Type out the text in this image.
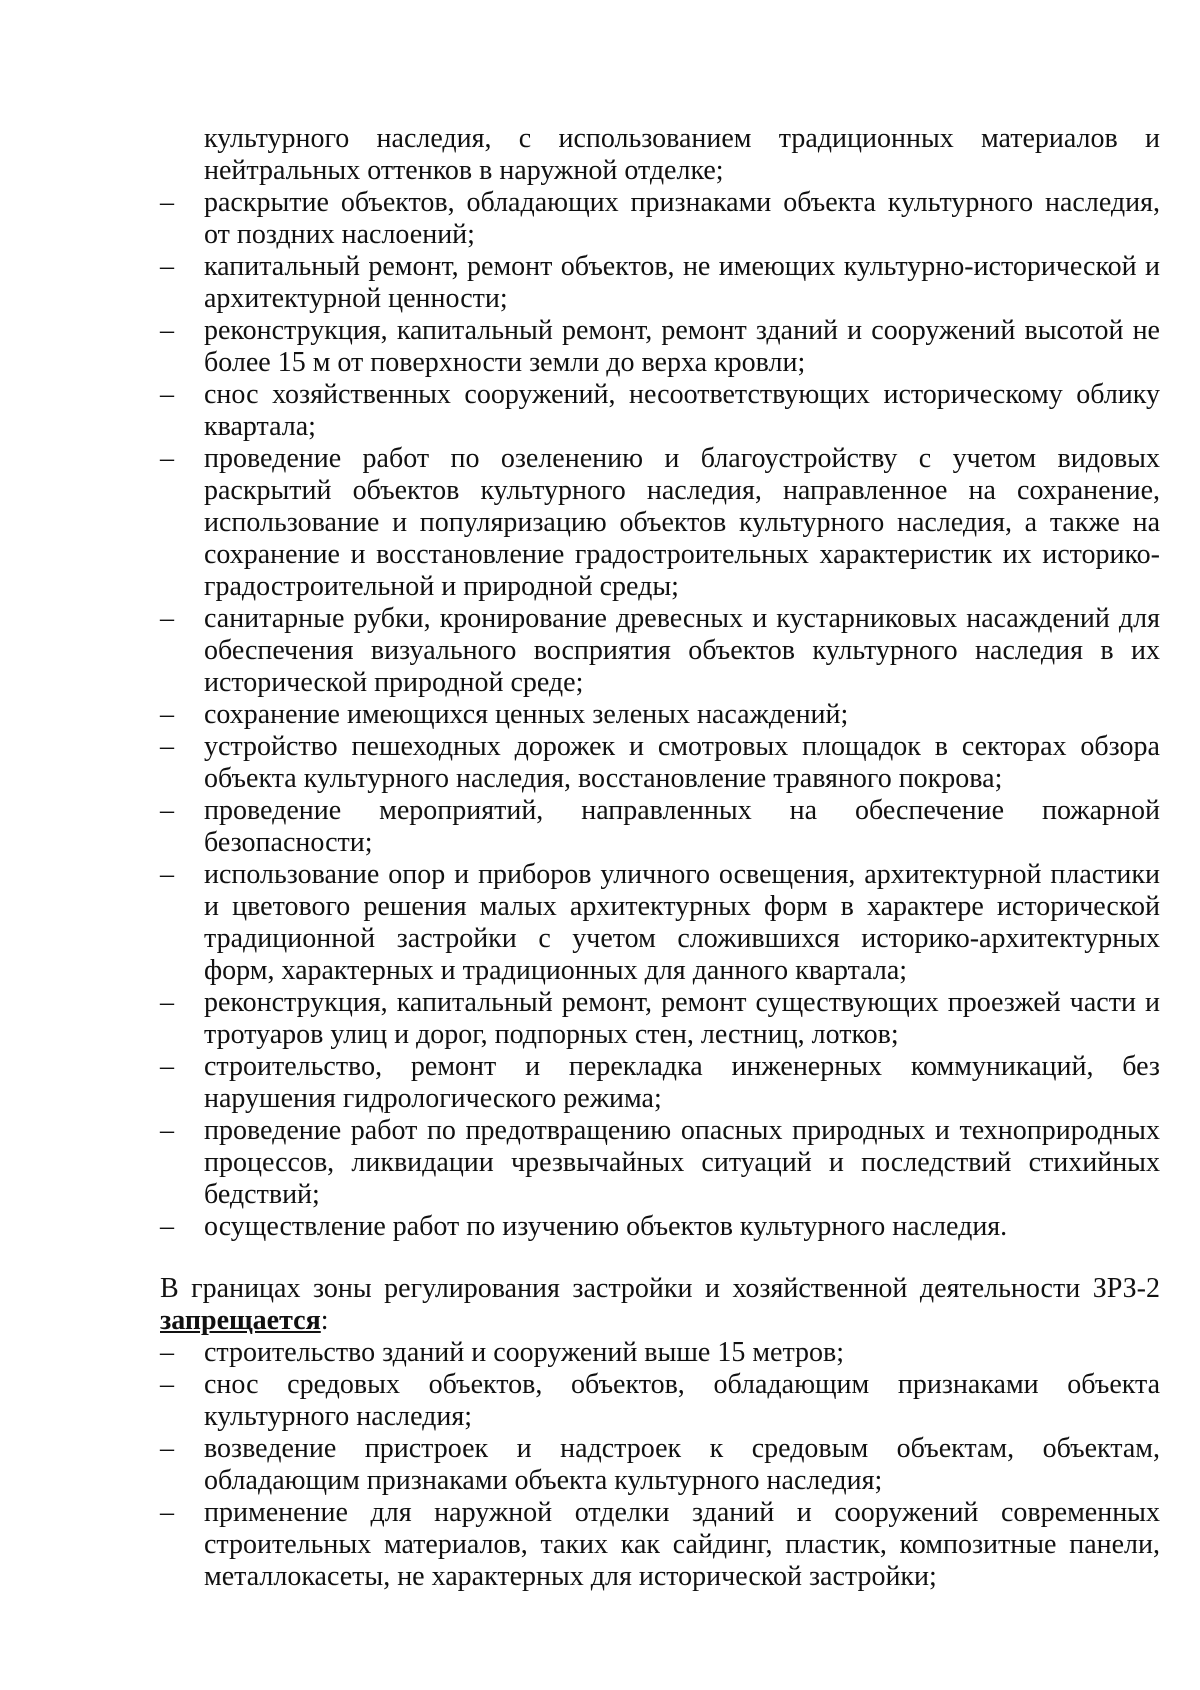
культурного наследия, с использованием традиционных материалов и нейтральных оттенков в наружной отделке;

–	раскрытие объектов, обладающих признаками объекта культурного наследия, от поздних наслоений;
–	капитальный ремонт, ремонт объектов, не имеющих культурно-исторической и архитектурной ценности;
–	реконструкция, капитальный ремонт, ремонт зданий и сооружений высотой не более 15 м от поверхности земли до верха кровли;
–	снос хозяйственных сооружений, несоответствующих историческому облику квартала;
–	проведение работ по озеленению и благоустройству с учетом видовых раскрытий объектов культурного наследия, направленное на сохранение, использование и популяризацию объектов культурного наследия, а также на сохранение и восстановление градостроительных характеристик их историко-градостроительной и природной среды;
–	санитарные рубки, кронирование древесных и кустарниковых насаждений для обеспечения визуального восприятия объектов культурного наследия в их исторической природной среде;
–	сохранение имеющихся ценных зеленых насаждений;
–	устройство пешеходных дорожек и смотровых площадок в секторах обзора объекта культурного наследия, восстановление травяного покрова;
–	проведение мероприятий, направленных на обеспечение пожарной безопасности;
–	использование опор и приборов уличного освещения, архитектурной пластики и цветового решения малых архитектурных форм в характере исторической традиционной застройки с учетом сложившихся историко-архитектурных форм, характерных и традиционных для данного квартала;
–	реконструкция, капитальный ремонт, ремонт существующих проезжей части и тротуаров улиц и дорог, подпорных стен, лестниц, лотков;
–	строительство, ремонт и перекладка инженерных коммуникаций, без нарушения гидрологического режима;
–	проведение работ по предотвращению опасных природных и техноприродных процессов, ликвидации чрезвычайных ситуаций и последствий стихийных бедствий;
–	осуществление работ по изучению объектов культурного наследия.

В границах зоны регулирования застройки и хозяйственной деятельности ЗРЗ-2 запрещается:

–	строительство зданий и сооружений выше 15 метров;
–	снос средовых объектов, объектов, обладающим признаками объекта культурного наследия;
–	возведение пристроек и надстроек к средовым объектам, объектам, обладающим признаками объекта культурного наследия;
–	применение для наружной отделки зданий и сооружений современных строительных материалов, таких как сайдинг, пластик, композитные панели, металлокасеты, не характерных для исторической застройки;
